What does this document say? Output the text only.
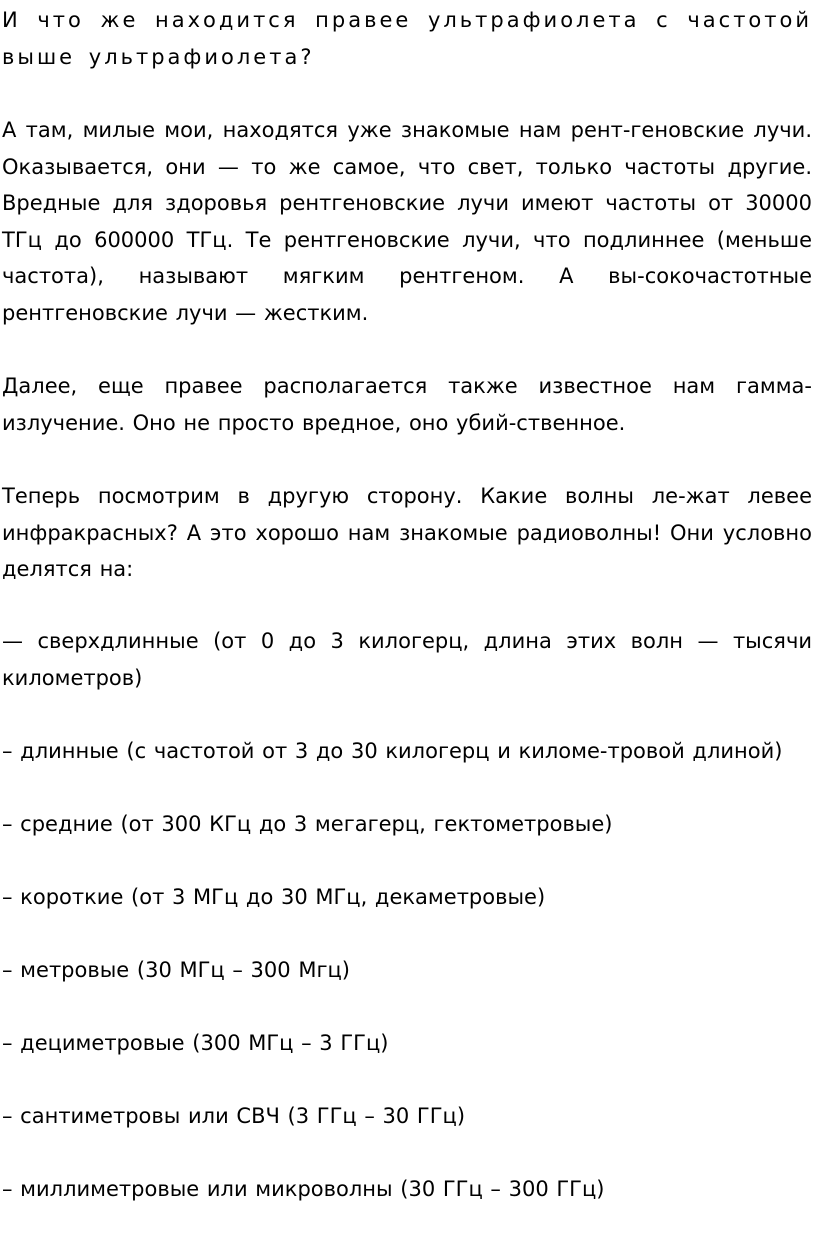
И что же находится правее ультрафиолета с частотой выше ультрафиолета?

А там, милые мои, находятся уже знакомые нам рент-геновские лучи. Оказывается, они — то же самое, что свет, только частоты другие. Вредные для здоровья рентгеновские лучи имеют частоты от 30000 ТГц до 600000 ТГц. Те рентгеновские лучи, что подлиннее (меньше частота), называют мягким рентгеном. А вы-сокочастотные рентгеновские лучи — жестким.

Далее, еще правее располагается также известное нам гамма-излучение. Оно не просто вредное, оно убий-ственное.

Теперь посмотрим в другую сторону. Какие волны ле-жат левее инфракрасных? А это хорошо нам знакомые радиоволны! Они условно делятся на:

— сверхдлинные (от 0 до 3 килогерц, длина этих волн — тысячи километров)

– длинные (с частотой от 3 до 30 килогерц и киломе-тровой длиной)

– средние (от 300 КГц до 3 мегагерц, гектометровые)

– короткие (от 3 МГц до 30 МГц, декаметровые)

– метровые (30 МГц – 300 Мгц)

– дециметровые (300 МГц – 3 ГГц)

– сантиметровы или СВЧ (3 ГГц – 30 ГГц)

– миллиметровые или микроволны (30 ГГц – 300 ГГц)
